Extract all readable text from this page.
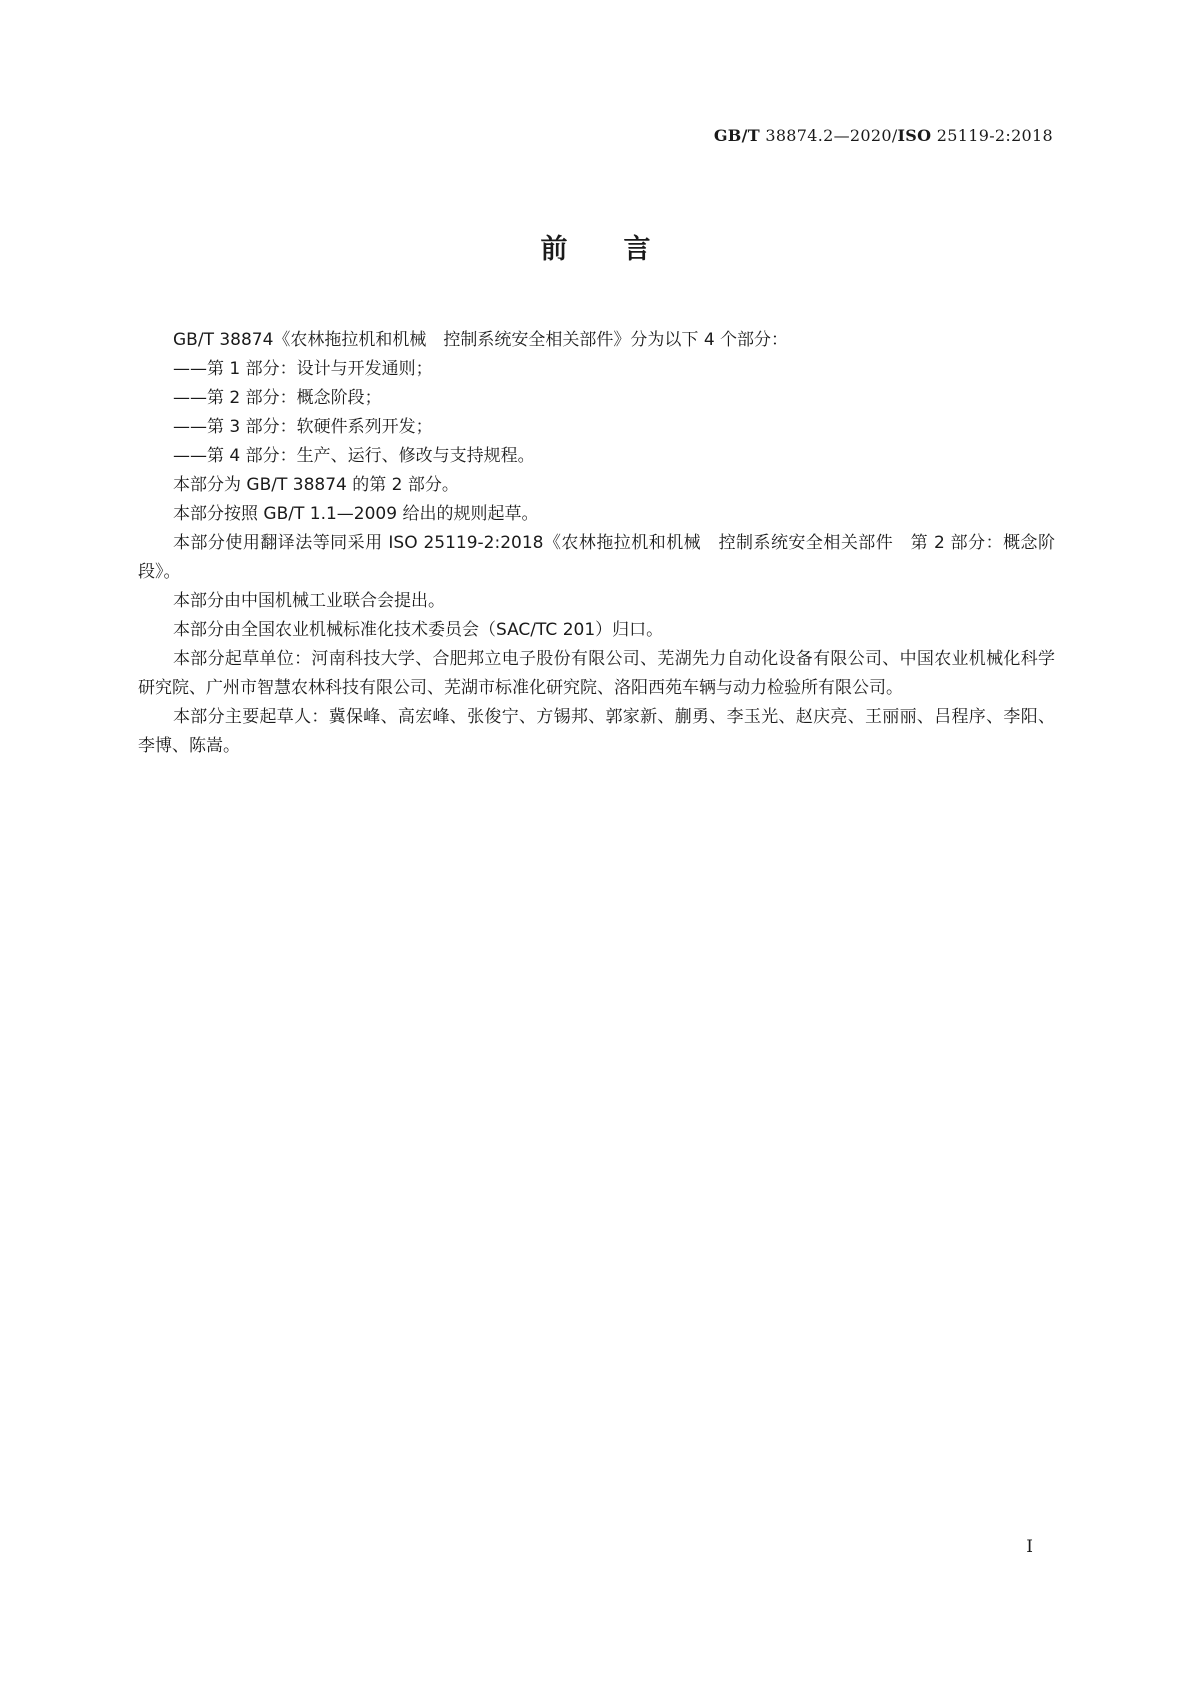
GB/T 38874.2—2020/ISO 25119-2:2018
前言

GB/T 38874《农林拖拉机和机械　控制系统安全相关部件》分为以下 4 个部分：

——第 1 部分：设计与开发通则；

——第 2 部分：概念阶段；

——第 3 部分：软硬件系列开发；

——第 4 部分：生产、运行、修改与支持规程。

本部分为 GB/T 38874 的第 2 部分。

本部分按照 GB/T 1.1—2009 给出的规则起草。

本部分使用翻译法等同采用 ISO 25119-2:2018《农林拖拉机和机械　控制系统安全相关部件　第 2 部分：概念阶段》。

本部分由中国机械工业联合会提出。

本部分由全国农业机械标准化技术委员会（SAC/TC 201）归口。

本部分起草单位：河南科技大学、合肥邦立电子股份有限公司、芜湖先力自动化设备有限公司、中国农业机械化科学研究院、广州市智慧农林科技有限公司、芜湖市标准化研究院、洛阳西苑车辆与动力检验所有限公司。

本部分主要起草人：冀保峰、高宏峰、张俊宁、方锡邦、郭家新、蒯勇、李玉光、赵庆亮、王丽丽、吕程序、李阳、李博、陈嵩。

I
